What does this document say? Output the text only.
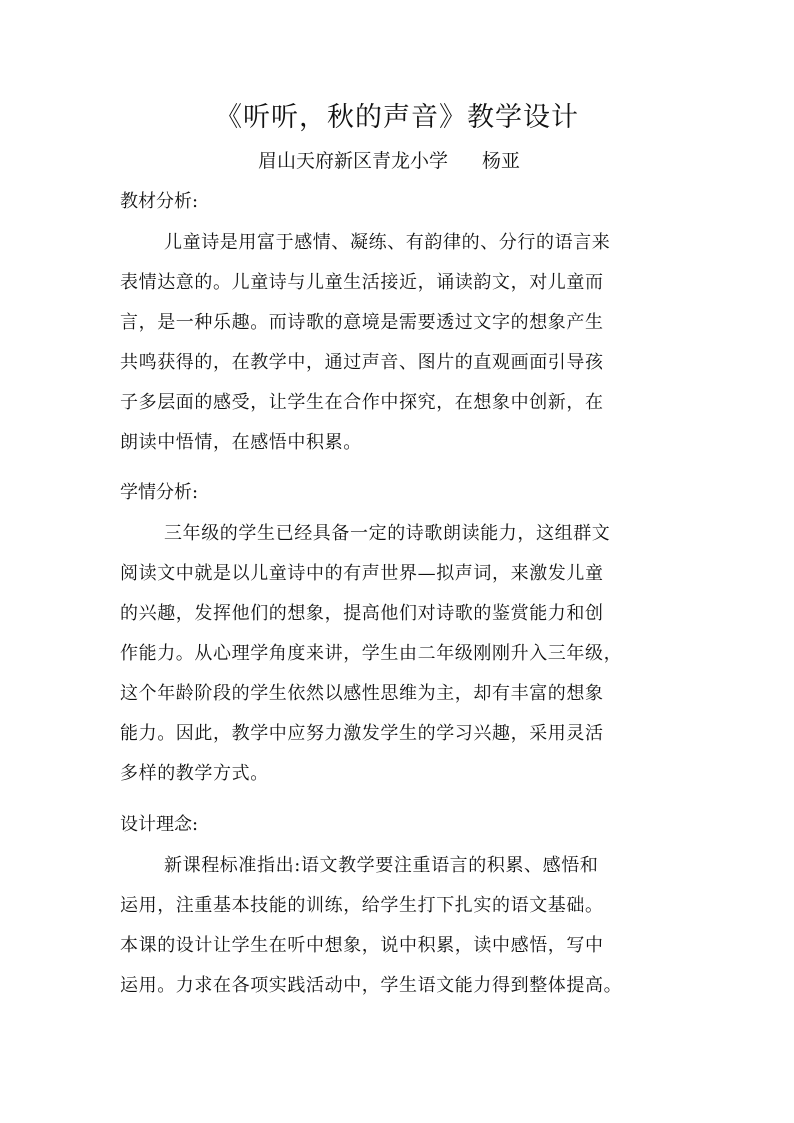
《听听，秋的声音》教学设计
眉山天府新区青龙小学 杨亚
教材分析:
儿童诗是用富于感情、凝练、有韵律的、分行的语言来
表情达意的。儿童诗与儿童生活接近，诵读韵文，对儿童而
言，是一种乐趣。而诗歌的意境是需要透过文字的想象产生
共鸣获得的，在教学中，通过声音、图片的直观画面引导孩
子多层面的感受，让学生在合作中探究，在想象中创新，在
朗读中悟情，在感悟中积累。
学情分析:
三年级的学生已经具备一定的诗歌朗读能力，这组群文
阅读文中就是以儿童诗中的有声世界—拟声词，来激发儿童
的兴趣，发挥他们的想象，提高他们对诗歌的鉴赏能力和创
作能力。从心理学角度来讲，学生由二年级刚刚升入三年级，
这个年龄阶段的学生依然以感性思维为主，却有丰富的想象
能力。因此，教学中应努力激发学生的学习兴趣，采用灵活
多样的教学方式。
设计理念:
新课程标准指出:语文教学要注重语言的积累、感悟和
运用，注重基本技能的训练，给学生打下扎实的语文基础。
本课的设计让学生在听中想象，说中积累，读中感悟，写中
运用。力求在各项实践活动中，学生语文能力得到整体提高。
